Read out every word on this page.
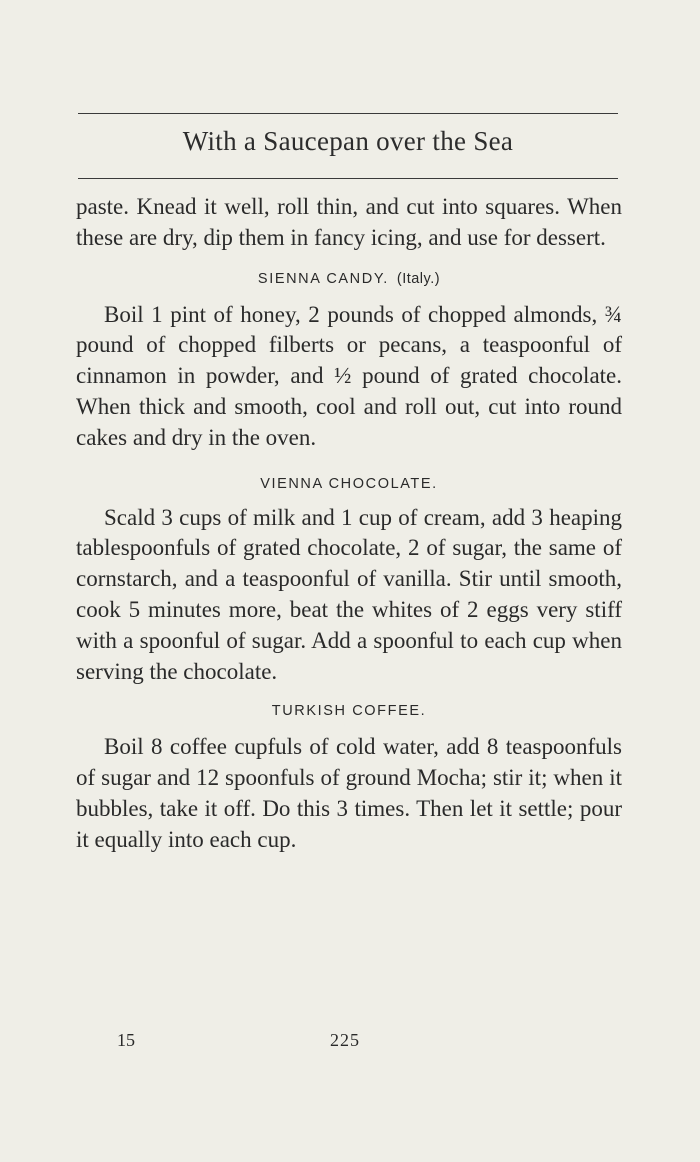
With a Saucepan over the Sea

paste. Knead it well, roll thin, and cut into squares. When these are dry, dip them in fancy icing, and use for dessert.

SIENNA CANDY. (Italy.)

Boil 1 pint of honey, 2 pounds of chopped almonds, ¾ pound of chopped filberts or pecans, a teaspoonful of cinnamon in powder, and ½ pound of grated chocolate. When thick and smooth, cool and roll out, cut into round cakes and dry in the oven.

VIENNA CHOCOLATE.

Scald 3 cups of milk and 1 cup of cream, add 3 heaping tablespoonfuls of grated chocolate, 2 of sugar, the same of cornstarch, and a teaspoonful of vanilla. Stir until smooth, cook 5 minutes more, beat the whites of 2 eggs very stiff with a spoonful of sugar. Add a spoonful to each cup when serving the chocolate.

TURKISH COFFEE.

Boil 8 coffee cupfuls of cold water, add 8 teaspoonfuls of sugar and 12 spoonfuls of ground Mocha; stir it; when it bubbles, take it off. Do this 3 times. Then let it settle; pour it equally into each cup.

15	225
